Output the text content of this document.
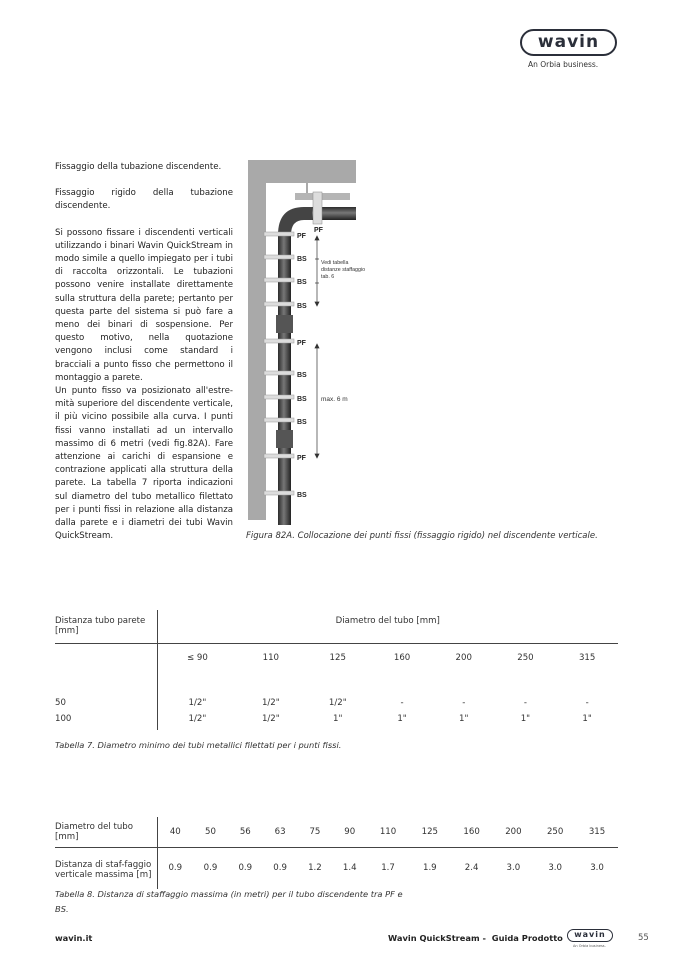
wavin
An Orbia business.

Fissaggio della tubazione discendente.

Fissaggio rigido della tubazione discendente.

Si possono fissare i discendenti verticali utilizzando i binari Wavin QuickStream in modo simile a quello impiegato per i tubi di raccolta orizzontali. Le tubazioni possono venire installate direttamente sulla struttura della parete; pertanto per questa parte del sistema si può fare a meno dei binari di sospensione. Per questo motivo, nella quotazione vengono inclusi come standard i bracciali a punto fisso che permettono il montaggio a parete.

Un punto fisso va posizionato all'estre-mità superiore del discendente verticale, il più vicino possibile alla curva. I punti fissi vanno installati ad un intervallo massimo di 6 metri (vedi fig.82A). Fare attenzione ai carichi di espansione e contrazione applicati alla struttura della parete. La tabella 7 riporta indicazioni sul diametro del tubo metallico filettato per i punti fissi in relazione alla distanza dalla parete e i diametri dei tubi Wavin QuickStream.

PF
PF
BS
BS
BS
PF
BS
BS
BS
PF
BS
Vedi tabella
distanze staffaggio
tab. 6
max. 6 m
Figura 82A. Collocazione dei punti fissi (fissaggio rigido) nel discendente verticale.
Distanza tubo parete [mm]	Diametro del tubo [mm]						
	≤ 90	110	125	160	200	250	315
50	1/2"	1/2"	1/2"	-	-	-	-
100	1/2"	1/2"	1"	1"	1"	1"	1"
Tabella 7. Diametro minimo dei tubi metallici filettati per i punti fissi.
Diametro del tubo [mm]	40	50	56	63	75	90	110	125	160	200	250	315
Distanza di staf-faggio verticale massima [m]	0.9	0.9	0.9	0.9	1.2	1.4	1.7	1.9	2.4	3.0	3.0	3.0
Tabella 8. Distanza di staffaggio massima (in metri) per il tubo discendente tra PF e BS.
wavin.it	Wavin QuickStream -  Guida Prodotto	wavin
An Orbia business.
55
